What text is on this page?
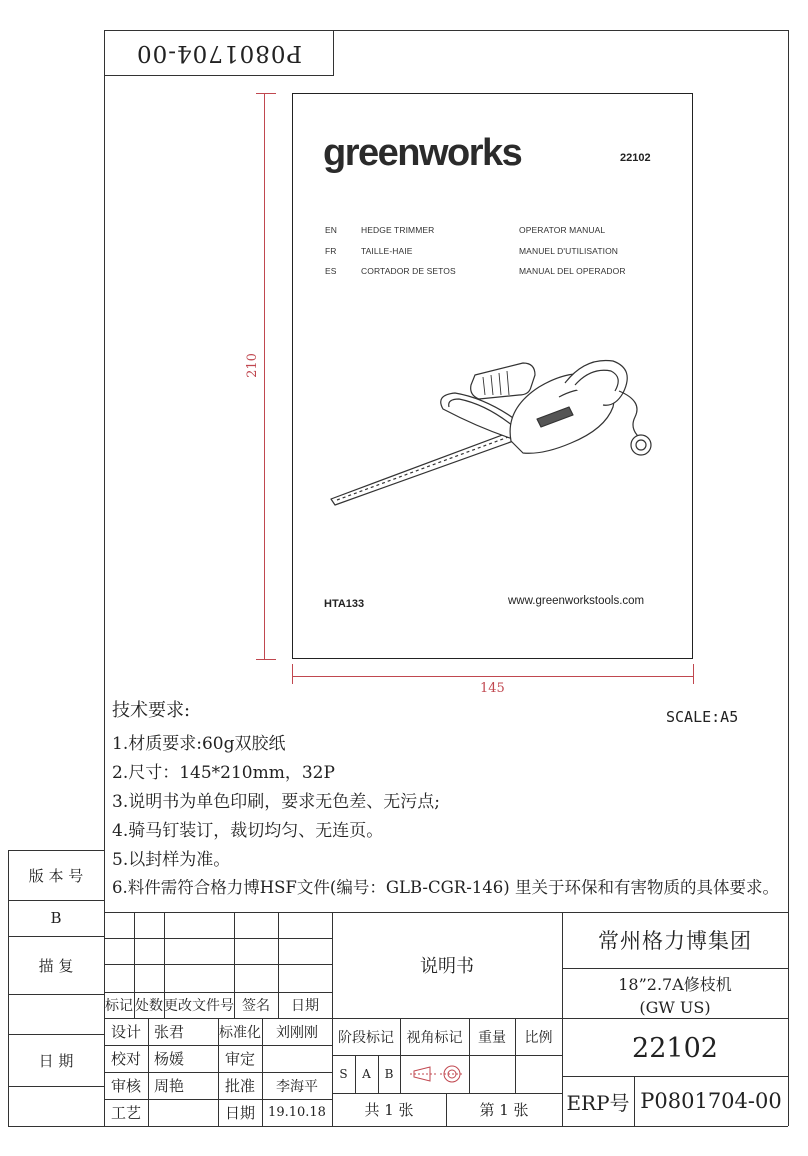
P0801704-00
greenworks	22102
EN	HEDGE TRIMMER	OPERATOR MANUAL
FR	TAILLE-HAIE	MANUEL D'UTILISATION
ES	CORTADOR DE SETOS	MANUAL DEL OPERADOR
HTA133	www.greenworkstools.com
210
145
SCALE:A5
技术要求:
1.材质要求:60g双胶纸
2.尺寸：145*210mm，32P
3.说明书为单色印刷，要求无色差、无污点;
4.骑马钉装订，裁切均匀、无连页。
5.以封样为准。
6.料件需符合格力博HSF文件(编号：GLB-CGR-146) 里关于环保和有害物质的具体要求。
版 本 号
B
描 复
日 期
标记 处数 更改文件号 签名	日期
设计 张君	标准化	刘刚刚
校对 杨媛	审定
审核 周艳	批准	李海平
工艺	日期	19.10.18
说明书
阶段标记 视角标记	重量	比例
S	A	B
共 1 张	第 1 张
常州格力博集团
18”2.7A修枝机
(GW US)
22102
ERP号 P0801704-00
